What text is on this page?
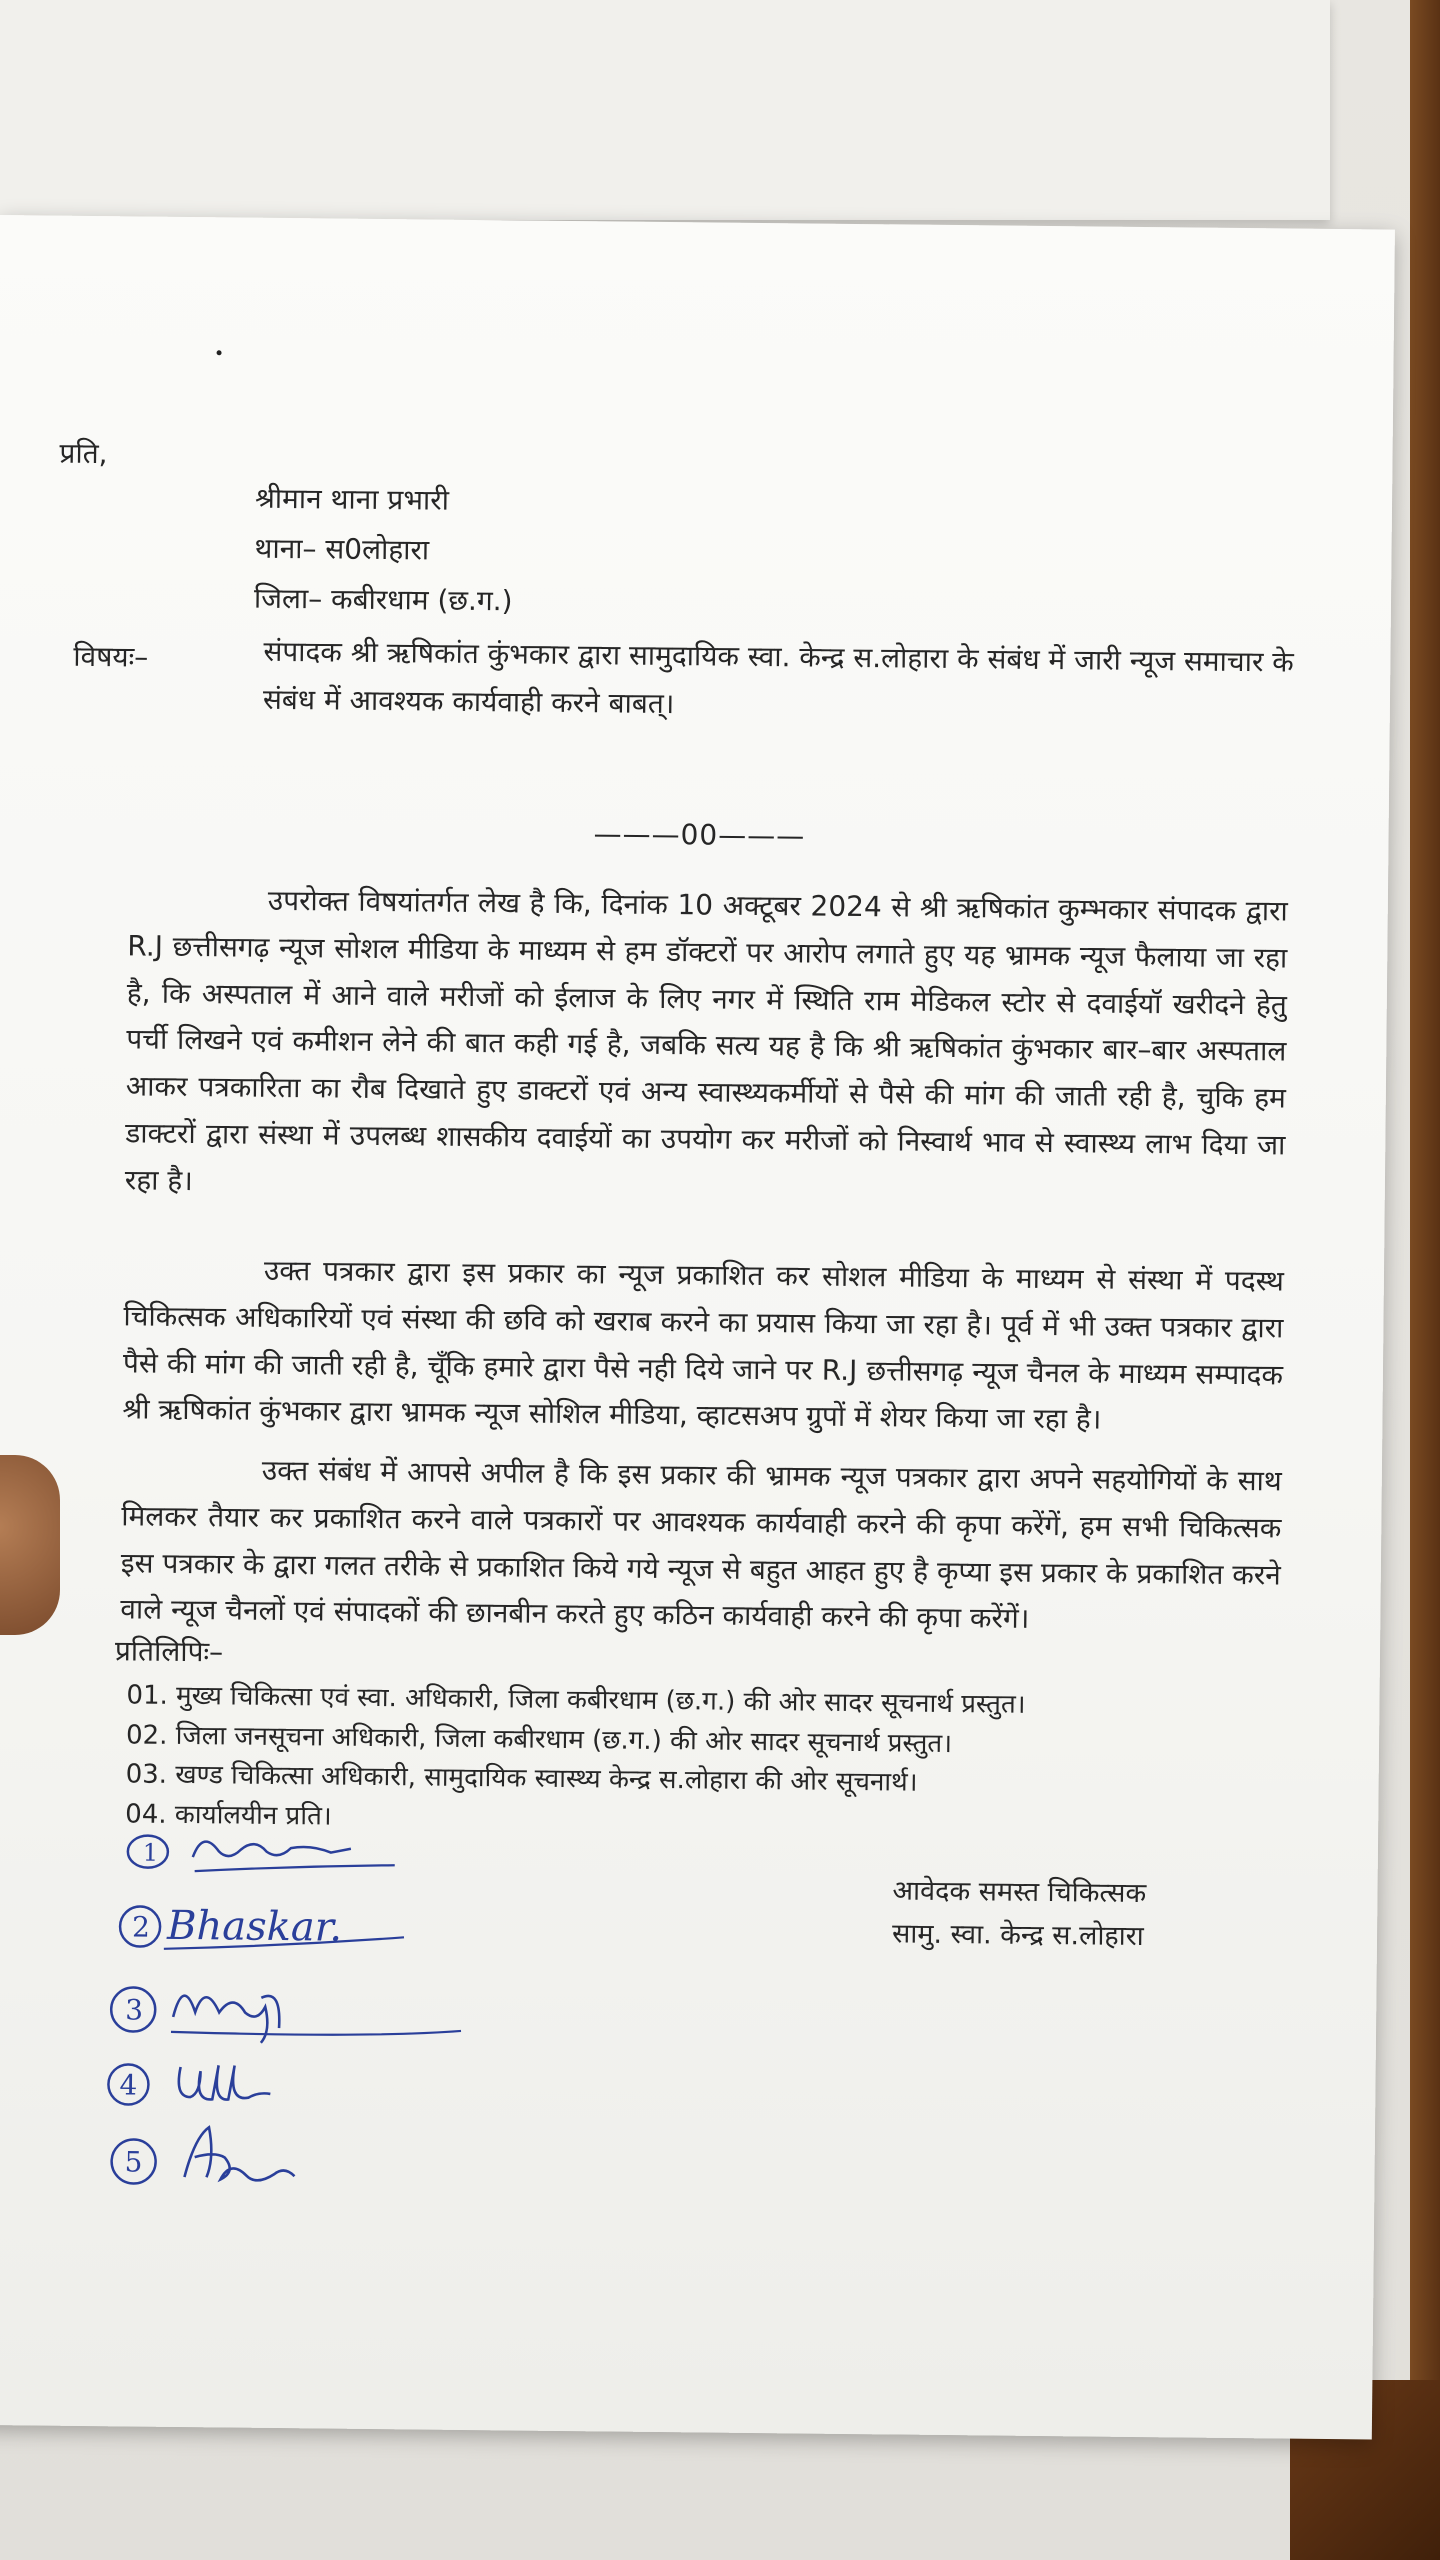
प्रति,
श्रीमान थाना प्रभारी
थाना– स0लोहारा
जिला– कबीरधाम (छ.ग.)
विषयः–	संपादक श्री ऋषिकांत कुंभकार द्वारा सामुदायिक स्वा. केन्द्र स.लोहारा के संबंध में जारी न्यूज समाचार के संबंध में आवश्यक कार्यवाही करने बाबत्।
———00———

उपरोक्त विषयांतर्गत लेख है कि, दिनांक 10 अक्टूबर 2024 से श्री ऋषिकांत कुम्भकार संपादक द्वारा R.J छत्तीसगढ़ न्यूज सोशल मीडिया के माध्यम से हम डॉक्टरों पर आरोप लगाते हुए यह भ्रामक न्यूज फैलाया जा रहा है, कि अस्पताल में आने वाले मरीजों को ईलाज के लिए नगर में स्थिति राम मेडिकल स्टोर से दवाईयॉ खरीदने हेतु पर्ची लिखने एवं कमीशन लेने की बात कही गई है, जबकि सत्य यह है कि श्री ऋषिकांत कुंभकार बार–बार अस्पताल आकर पत्रकारिता का रौब दिखाते हुए डाक्टरों एवं अन्य स्वास्थ्यकर्मीयों से पैसे की मांग की जाती रही है, चुकि हम डाक्टरों द्वारा संस्था में उपलब्ध शासकीय दवाईयों का उपयोग कर मरीजों को निस्वार्थ भाव से स्वास्थ्य लाभ दिया जा रहा है।

उक्त पत्रकार द्वारा इस प्रकार का न्यूज प्रकाशित कर सोशल मीडिया के माध्यम से संस्था में पदस्थ चिकित्सक अधिकारियों एवं संस्था की छवि को खराब करने का प्रयास किया जा रहा है। पूर्व में भी उक्त पत्रकार द्वारा पैसे की मांग की जाती रही है, चूँकि हमारे द्वारा पैसे नही दिये जाने पर R.J छत्तीसगढ़ न्यूज चैनल के माध्यम सम्पादक श्री ऋषिकांत कुंभकार द्वारा भ्रामक न्यूज सोशिल मीडिया, व्हाटसअप ग्रुपों में शेयर किया जा रहा है।

उक्त संबंध में आपसे अपील है कि इस प्रकार की भ्रामक न्यूज पत्रकार द्वारा अपने सहयोगियों के साथ मिलकर तैयार कर प्रकाशित करने वाले पत्रकारों पर आवश्यक कार्यवाही करने की कृपा करेंगें, हम सभी चिकित्सक इस पत्रकार के द्वारा गलत तरीके से प्रकाशित किये गये न्यूज से बहुत आहत हुए है कृप्या इस प्रकार के प्रकाशित करने वाले न्यूज चैनलों एवं संपादकों की छानबीन करते हुए कठिन कार्यवाही करने की कृपा करेंगें।

प्रतिलिपिः–
01. मुख्य चिकित्सा एवं स्वा. अधिकारी, जिला कबीरधाम (छ.ग.) की ओर सादर सूचनार्थ प्रस्तुत।
02. जिला जनसूचना अधिकारी, जिला कबीरधाम (छ.ग.) की ओर सादर सूचनार्थ प्रस्तुत।
03. खण्ड चिकित्सा अधिकारी, सामुदायिक स्वास्थ्य केन्द्र स.लोहारा की ओर सूचनार्थ।
04. कार्यालयीन प्रति।
आवेदक समस्त चिकित्सक
सामु. स्वा. केन्द्र स.लोहारा
1
2 Bhaskar.
3
4
5
